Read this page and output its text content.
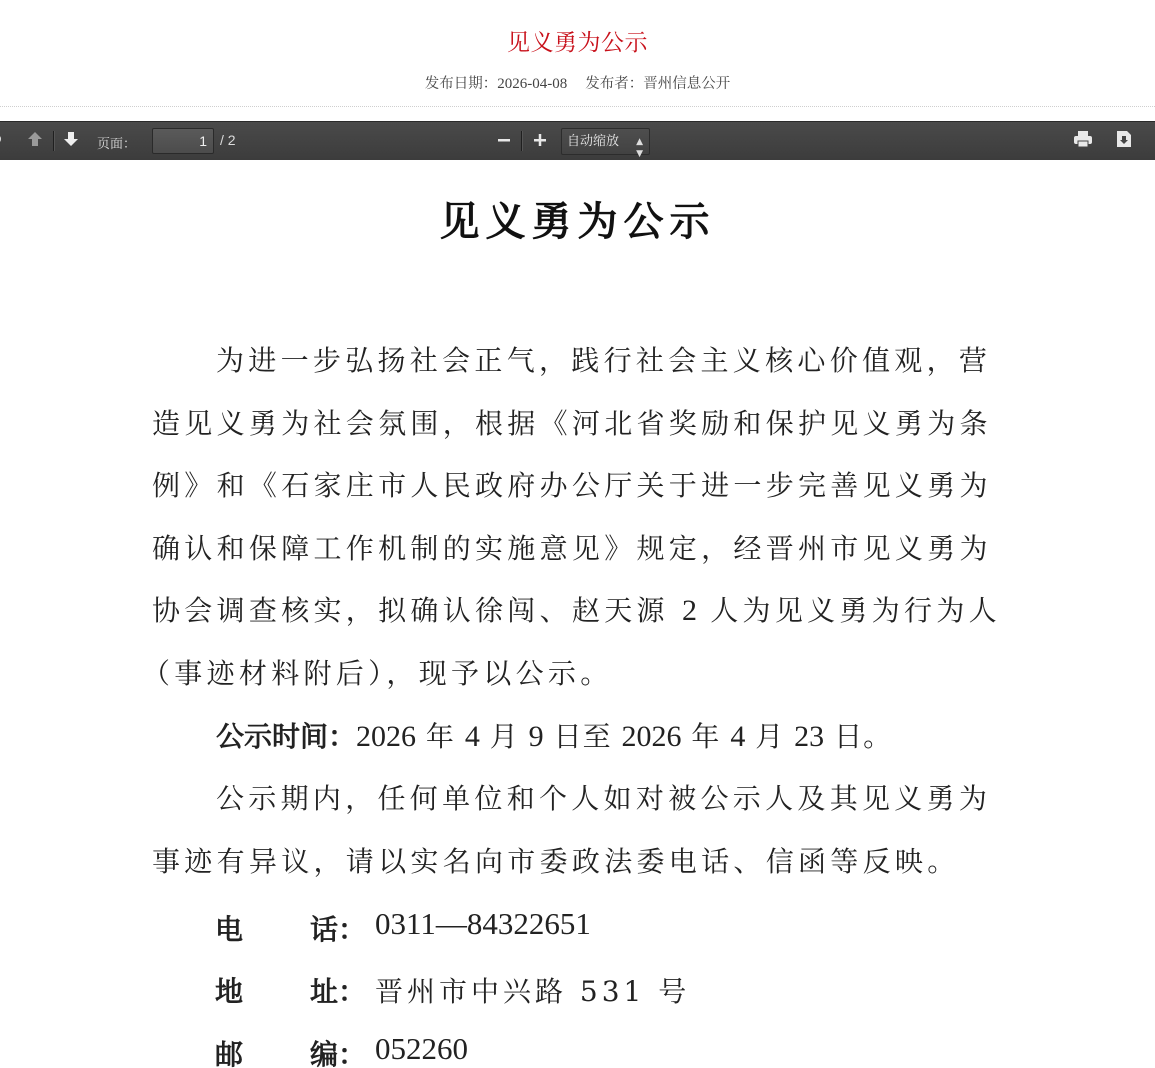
见义勇为公示
发布日期：2026-04-08 发布者：晋州信息公开
页面：	1 / 2	自动缩放 ▲
▼
见义勇为公示
为进一步弘扬社会正气，践行社会主义核心价值观，营
造见义勇为社会氛围，根据《河北省奖励和保护见义勇为条
例》和《石家庄市人民政府办公厅关于进一步完善见义勇为
确认和保障工作机制的实施意见》规定，经晋州市见义勇为
协会调查核实，拟确认徐闯、赵天源 2 人为见义勇为行为人
（事迹材料附后），现予以公示。
公示时间：2026 年 4 月 9 日至 2026 年 4 月 23 日。
公示期内，任何单位和个人如对被公示人及其见义勇为
事迹有异议，请以实名向市委政法委电话、信函等反映。
电 话： 0311—84322651
地 址： 晋州市中兴路 531 号
邮 编： 052260
